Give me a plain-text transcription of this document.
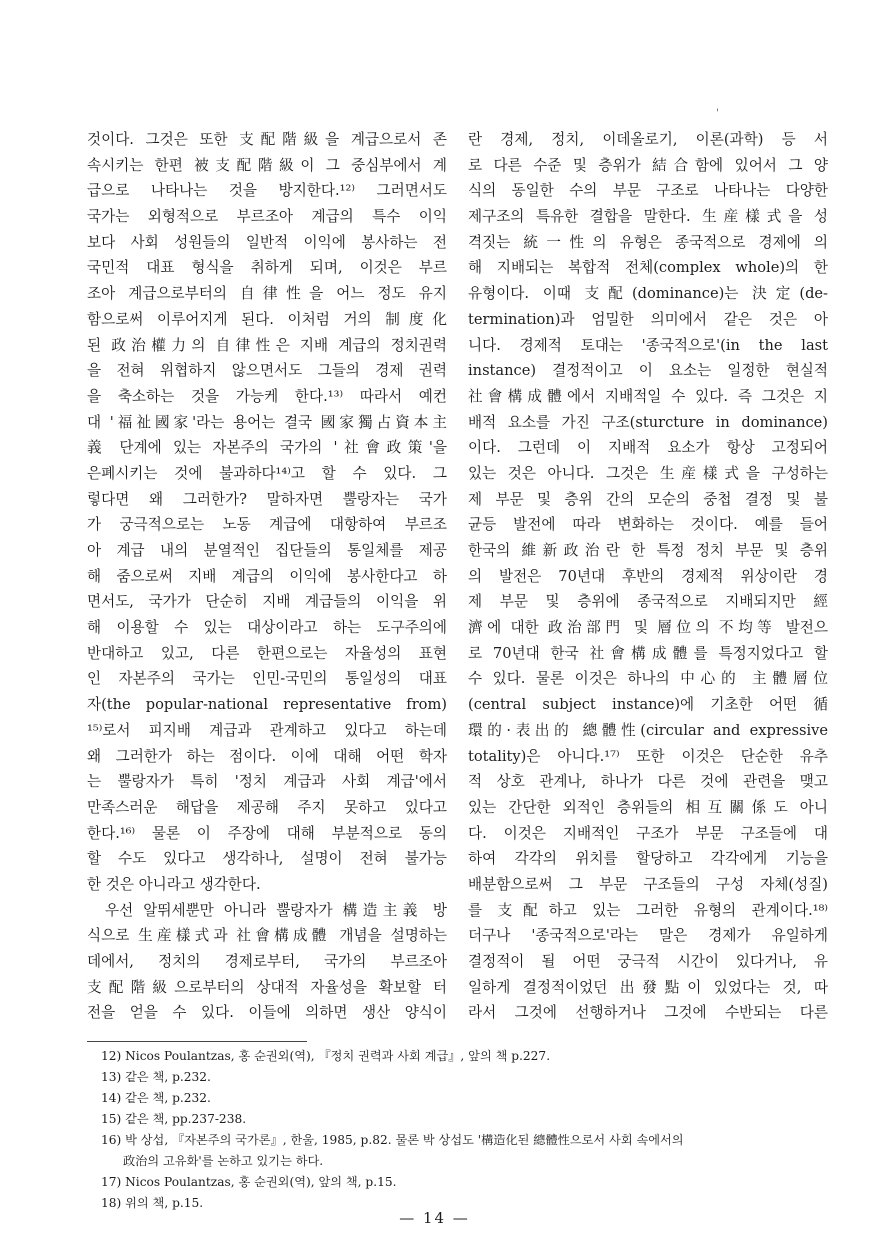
'
것이다. 그것은 또한 支配階級을 계급으로서 존
속시키는 한편 被支配階級이 그 중심부에서 계
급으로 나타나는 것을 방지한다.¹²⁾ 그러면서도
국가는 외형적으로 부르조아 계급의 특수 이익
보다 사회 성원들의 일반적 이익에 봉사하는 전
국민적 대표 형식을 취하게 되며, 이것은 부르
조아 계급으로부터의 自律性을 어느 정도 유지
함으로써 이루어지게 된다. 이처럼 거의 制度化
된 政治權力의 自律性은 지배 계급의 정치권력
을 전혀 위협하지 않으면서도 그들의 경제 권력
을 축소하는 것을 가능케 한다.¹³⁾ 따라서 예컨
대 '福祉國家'라는 용어는 결국 國家獨占資本主
義 단계에 있는 자본주의 국가의 '社會政策'을
은폐시키는 것에 불과하다¹⁴⁾고 할 수 있다. 그
렇다면 왜 그러한가? 말하자면 뿔랑자는 국가
가 궁극적으로는 노동 계급에 대항하여 부르조
아 계급 내의 분열적인 집단들의 통일체를 제공
해 줌으로써 지배 계급의 이익에 봉사한다고 하
면서도, 국가가 단순히 지배 계급들의 이익을 위
해 이용할 수 있는 대상이라고 하는 도구주의에
반대하고 있고, 다른 한편으로는 자율성의 표현
인 자본주의 국가는 인민-국민의 통일성의 대표
자(the popular-national representative from)
¹⁵⁾로서 피지배 계급과 관계하고 있다고 하는데
왜 그러한가 하는 점이다. 이에 대해 어떤 학자
는 뿔랑자가 특히 '정치 계급과 사회 계급'에서
만족스러운 해답을 제공해 주지 못하고 있다고
한다.¹⁶⁾ 물론 이 주장에 대해 부분적으로 동의
할 수도 있다고 생각하나, 설명이 전혀 불가능
한 것은 아니라고 생각한다.
우선 알뛰세뿐만 아니라 뿔랑자가 構造主義 방
식으로 生産樣式과 社會構成體 개념을 설명하는
데에서, 정치의 경제로부터, 국가의 부르조아
支配階級으로부터의 상대적 자율성을 확보할 터
전을 얻을 수 있다. 이들에 의하면 생산 양식이
란 경제, 정치, 이데올로기, 이론(과학) 등 서
로 다른 수준 및 층위가 結合함에 있어서 그 양
식의 동일한 수의 부문 구조로 나타나는 다양한
제구조의 특유한 결합을 말한다. 生産樣式을 성
격짓는 統一性의 유형은 종국적으로 경제에 의
해 지배되는 복합적 전체(complex whole)의 한
유형이다. 이때 支配(dominance)는 決定(de-
termination)과 엄밀한 의미에서 같은 것은 아
니다. 경제적 토대는 '종국적으로'(in the last
instance) 결정적이고 이 요소는 일정한 현실적
社會構成體에서 지배적일 수 있다. 즉 그것은 지
배적 요소를 가진 구조(sturcture in dominance)
이다. 그런데 이 지배적 요소가 항상 고정되어
있는 것은 아니다. 그것은 生産樣式을 구성하는
제 부문 및 층위 간의 모순의 중첩 결정 및 불
균등 발전에 따라 변화하는 것이다. 예를 들어
한국의 維新政治란 한 특정 정치 부문 및 층위
의 발전은 70년대 후반의 경제적 위상이란 경
제 부문 및 층위에 종국적으로 지배되지만 經
濟에 대한 政治部門 및 層位의 不均等 발전으
로 70년대 한국 社會構成體를 특정지었다고 할
수 있다. 물론 이것은 하나의 中心的 主體層位
(central subject instance)에 기초한 어떤 循
環的·表出的 總體性(circular and expressive
totality)은 아니다.¹⁷⁾ 또한 이것은 단순한 유추
적 상호 관계나, 하나가 다른 것에 관련을 맺고
있는 간단한 외적인 층위들의 相互關係도 아니
다. 이것은 지배적인 구조가 부문 구조들에 대
하여 각각의 위치를 할당하고 각각에게 기능을
배분함으로써 그 부문 구조들의 구성 자체(성질)
를 支配하고 있는 그러한 유형의 관계이다.¹⁸⁾
더구나 '종국적으로'라는 말은 경제가 유일하게
결정적이 될 어떤 궁극적 시간이 있다거나, 유
일하게 결정적이었던 出發點이 있었다는 것, 따
라서 그것에 선행하거나 그것에 수반되는 다른
12) Nicos Poulantzas, 홍 순권외(역), 『정치 권력과 사회 계급』, 앞의 책 p.227.
13) 같은 책, p.232.
14) 같은 책, p.232.
15) 같은 책, pp.237-238.
16) 박 상섭, 『자본주의 국가론』, 한울, 1985, p.82. 물론 박 상섭도 '構造化된 總體性으로서 사회 속에서의
政治의 고유화'를 논하고 있기는 하다.
17) Nicos Poulantzas, 홍 순권외(역), 앞의 책, p.15.
18) 위의 책, p.15.
— 14 —
